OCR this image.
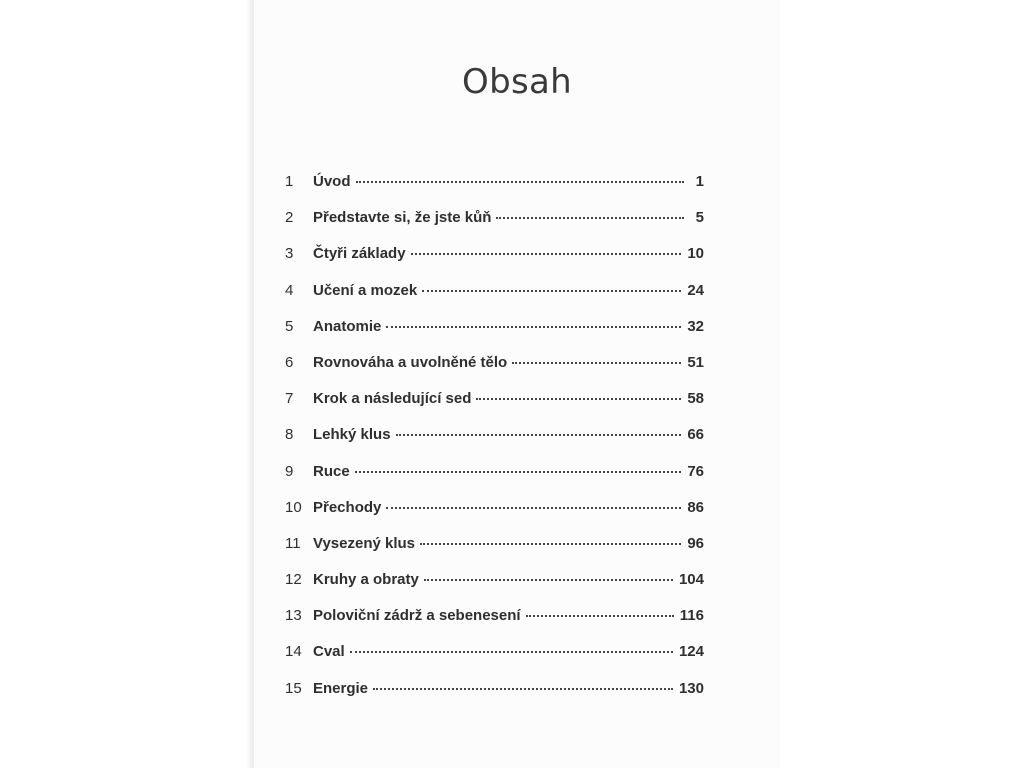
Obsah
1	Úvod	1
2	Představte si, že jste kůň	5
3	Čtyři základy	10
4	Učení a mozek	24
5	Anatomie	32
6	Rovnováha a uvolněné tělo	51
7	Krok a následující sed	58
8	Lehký klus	66
9	Ruce	76
10 Přechody	86
11 Vysezený klus	96
12 Kruhy a obraty	104
13 Poloviční zádrž a sebenesení	116
14 Cval	124
15 Energie	130
